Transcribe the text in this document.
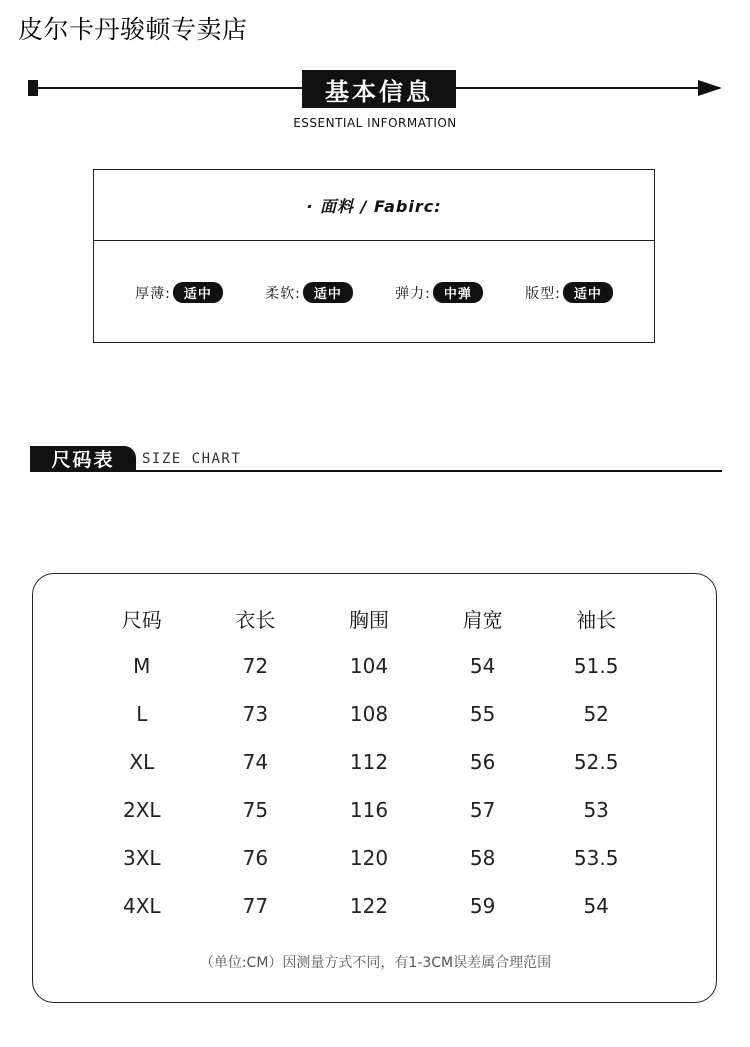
皮尔卡丹骏顿专卖店
基本信息
ESSENTIAL INFORMATION
· 面料 / Fabirc:
厚薄:	适中	柔软:	适中	弹力:	中弹	版型:	适中
尺码表	SIZE CHART
尺码	衣长	胸围	肩宽	袖长
M	72	104	54	51.5
L	73	108	55	52
XL	74	112	56	52.5
2XL	75	116	57	53
3XL	76	120	58	53.5
4XL	77	122	59	54
（单位:CM）因测量方式不同，有1-3CM误差属合理范围
